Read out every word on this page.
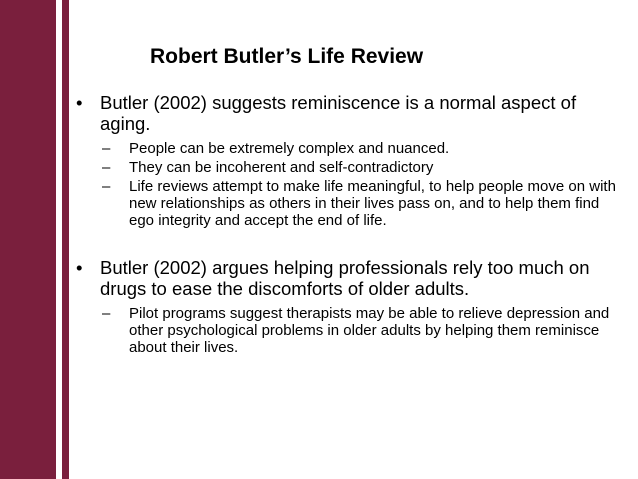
Robert Butler’s Life Review
• Butler (2002) suggests reminiscence is a normal aspect of aging.
– People can be extremely complex and nuanced.
– They can be incoherent and self-contradictory
– Life reviews attempt to make life meaningful, to help people move on with new relationships as others in their lives pass on, and to help them find ego integrity and accept the end of life.
• Butler (2002) argues helping professionals rely too much on drugs to ease the discomforts of older adults.
– Pilot programs suggest therapists may be able to relieve depression and other psychological problems in older adults by helping them reminisce about their lives.
